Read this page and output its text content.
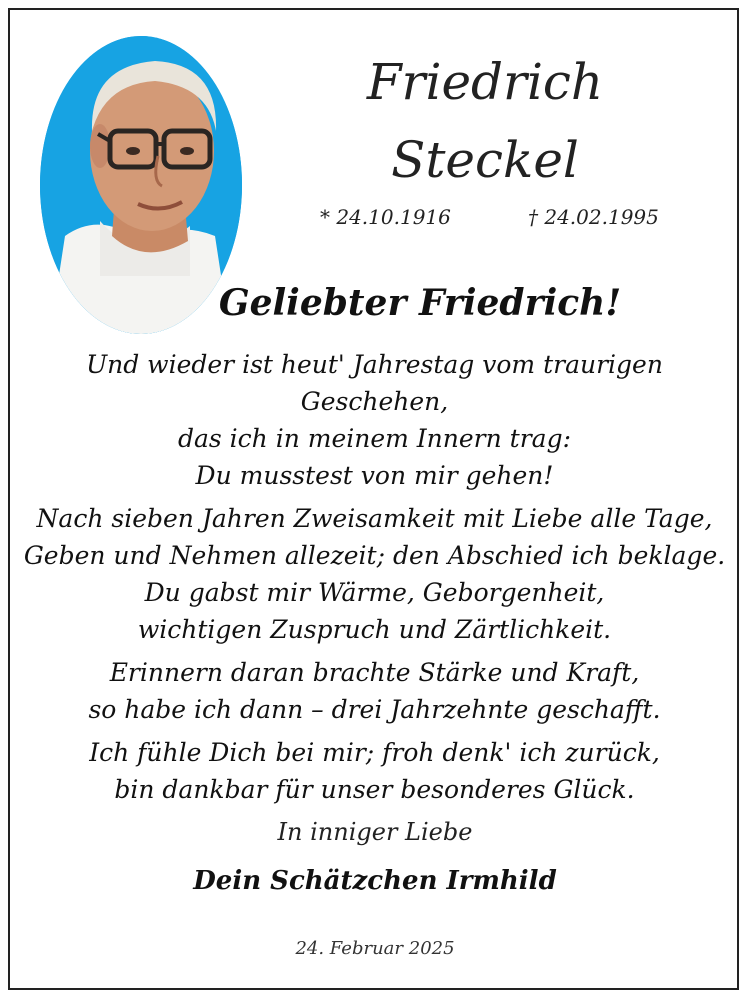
Friedrich
Steckel
* 24.10.1916	† 24.02.1995
Geliebter Friedrich!
Und wieder ist heut' Jahrestag vom traurigen Geschehen,
das ich in meinem Innern trag:
Du musstest von mir gehen!
Nach sieben Jahren Zweisamkeit mit Liebe alle Tage,
Geben und Nehmen allezeit; den Abschied ich beklage.
Du gabst mir Wärme, Geborgenheit,
wichtigen Zuspruch und Zärtlichkeit.
Erinnern daran brachte Stärke und Kraft,
so habe ich dann – drei Jahrzehnte geschafft.
Ich fühle Dich bei mir; froh denk' ich zurück,
bin dankbar für unser besonderes Glück.
In inniger Liebe
Dein Schätzchen Irmhild
24. Februar 2025
